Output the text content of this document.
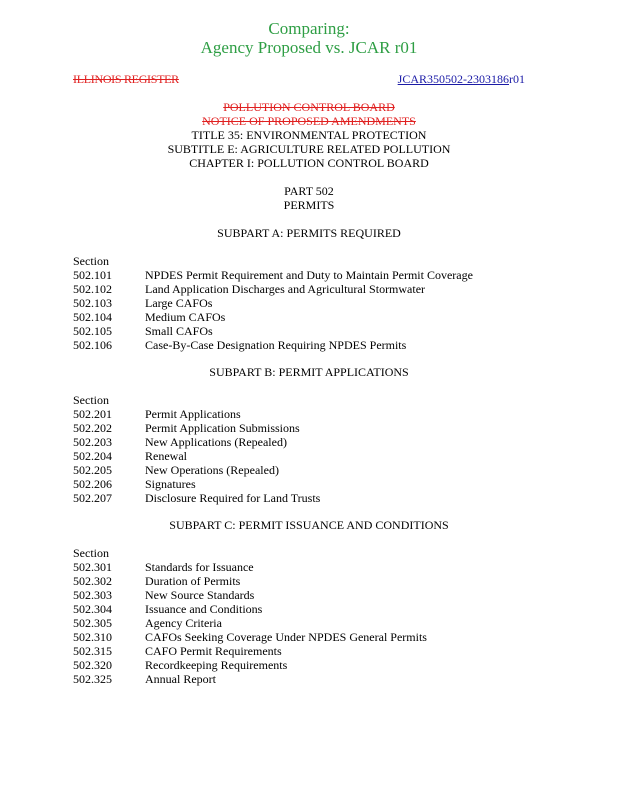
Comparing:
Agency Proposed vs. JCAR r01
ILLINOIS REGISTER	JCAR350502-2303186r01
POLLUTION CONTROL BOARD
NOTICE OF PROPOSED AMENDMENTS
TITLE 35: ENVIRONMENTAL PROTECTION
SUBTITLE E: AGRICULTURE RELATED POLLUTION
CHAPTER I: POLLUTION CONTROL BOARD
PART 502
PERMITS
SUBPART A: PERMITS REQUIRED
Section
502.101	NPDES Permit Requirement and Duty to Maintain Permit Coverage
502.102	Land Application Discharges and Agricultural Stormwater
502.103	Large CAFOs
502.104	Medium CAFOs
502.105	Small CAFOs
502.106	Case-By-Case Designation Requiring NPDES Permits
SUBPART B: PERMIT APPLICATIONS
Section
502.201	Permit Applications
502.202	Permit Application Submissions
502.203	New Applications (Repealed)
502.204	Renewal
502.205	New Operations (Repealed)
502.206	Signatures
502.207	Disclosure Required for Land Trusts
SUBPART C: PERMIT ISSUANCE AND CONDITIONS
Section
502.301	Standards for Issuance
502.302	Duration of Permits
502.303	New Source Standards
502.304	Issuance and Conditions
502.305	Agency Criteria
502.310	CAFOs Seeking Coverage Under NPDES General Permits
502.315	CAFO Permit Requirements
502.320	Recordkeeping Requirements
502.325	Annual Report
